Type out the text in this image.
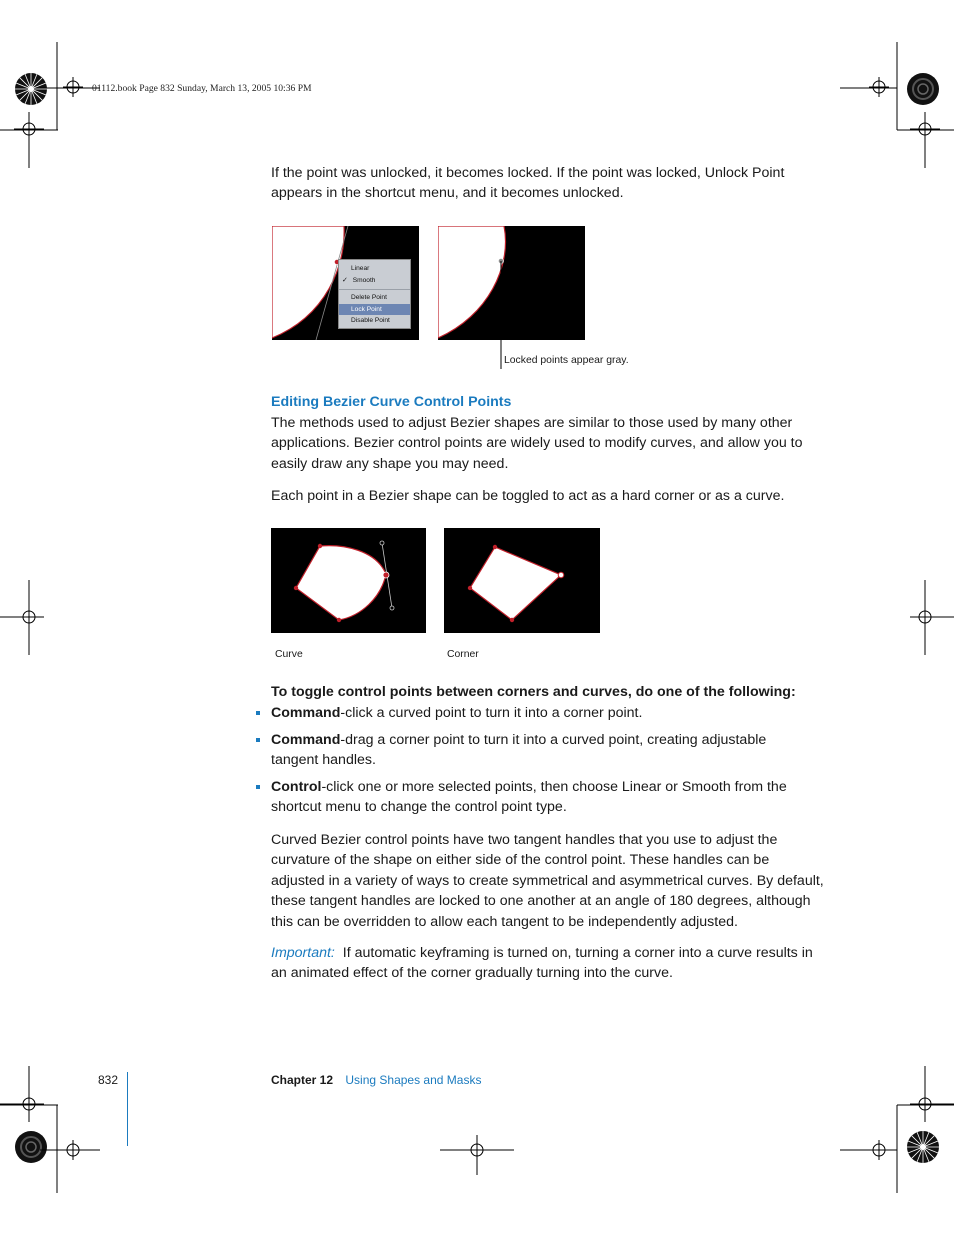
01112.book Page 832 Sunday, March 13, 2005 10:36 PM
If the point was unlocked, it becomes locked. If the point was locked, Unlock Point appears in the shortcut menu, and it becomes unlocked.
Linear
✓ Smooth
Delete Point
Lock Point
Disable Point
Locked points appear gray.
Editing Bezier Curve Control Points
The methods used to adjust Bezier shapes are similar to those used by many other applications. Bezier control points are widely used to modify curves, and allow you to easily draw any shape you may need.
Each point in a Bezier shape can be toggled to act as a hard corner or as a curve.
Curve	Corner
To toggle control points between corners and curves, do one of the following:
Command-click a curved point to turn it into a corner point.
Command-drag a corner point to turn it into a curved point, creating adjustable tangent handles.
Control-click one or more selected points, then choose Linear or Smooth from the shortcut menu to change the control point type.
Curved Bezier control points have two tangent handles that you use to adjust the curvature of the shape on either side of the control point. These handles can be adjusted in a variety of ways to create symmetrical and asymmetrical curves. By default, these tangent handles are locked to one another at an angle of 180 degrees, although this can be overridden to allow each tangent to be independently adjusted.
Important: If automatic keyframing is turned on, turning a corner into a curve results in an animated effect of the corner gradually turning into the curve.
832	Chapter 12 Using Shapes and Masks
